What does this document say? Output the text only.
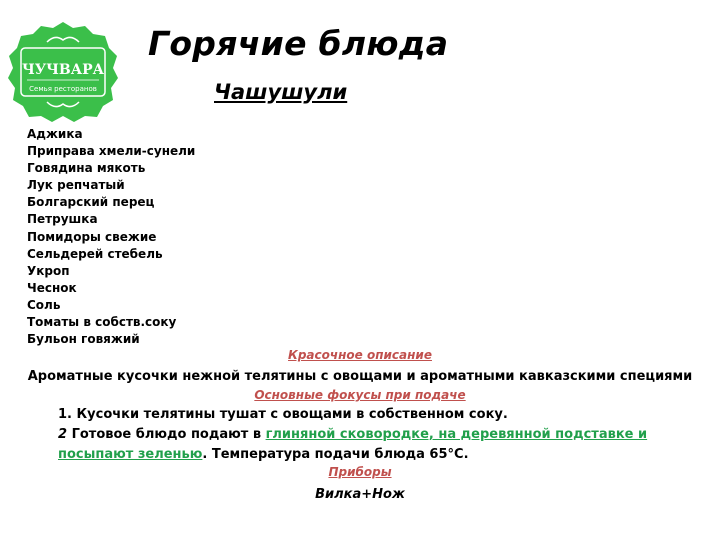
ЧУЧВАРА
Семья ресторанов
Горячие блюда
Чашушули
Аджика
Приправа хмели-сунели
Говядина мякоть
Лук репчатый
Болгарский перец
Петрушка
Помидоры свежие
Сельдерей стебель
Укроп
Чеснок
Соль
Томаты в собств.соку
Бульон говяжий

Красочное описание

Ароматные кусочки нежной телятины с овощами и ароматными кавказскими специями

Основные фокусы при подаче

1. Кусочки телятины тушат с овощами в собственном соку.

2 Готовое блюдо подают в глиняной сковородке, на деревянной подставке и посыпают зеленью. Температура подачи блюда 65°С.

Приборы

Вилка+Нож
